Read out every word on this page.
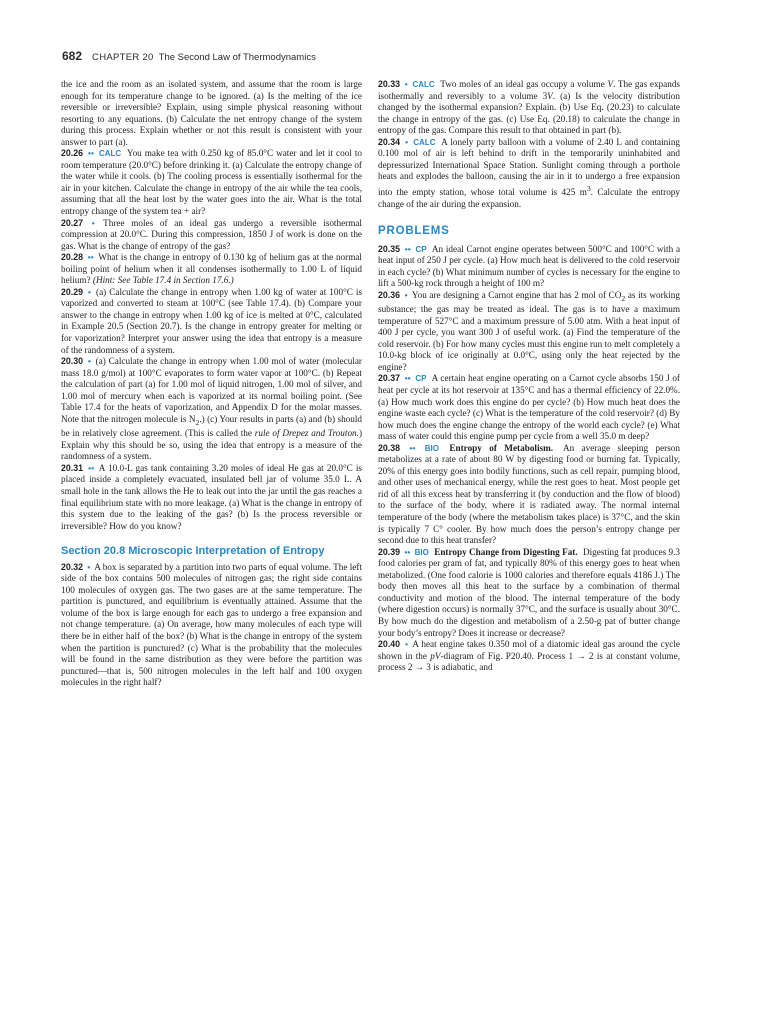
682 CHAPTER 20 The Second Law of Thermodynamics

the ice and the room as an isolated system, and assume that the room is large enough for its temperature change to be ignored. (a) Is the melting of the ice reversible or irreversible? Explain, using simple physical reasoning without resorting to any equations. (b) Calculate the net entropy change of the system during this process. Explain whether or not this result is consistent with your answer to part (a).

20.26 •• CALC You make tea with 0.250 kg of 85.0°C water and let it cool to room temperature (20.0°C) before drinking it. (a) Calculate the entropy change of the water while it cools. (b) The cooling process is essentially isothermal for the air in your kitchen. Calculate the change in entropy of the air while the tea cools, assuming that all the heat lost by the water goes into the air. What is the total entropy change of the system tea + air?

20.27 • Three moles of an ideal gas undergo a reversible isothermal compression at 20.0°C. During this compression, 1850 J of work is done on the gas. What is the change of entropy of the gas?

20.28 •• What is the change in entropy of 0.130 kg of helium gas at the normal boiling point of helium when it all condenses isothermally to 1.00 L of liquid helium? (Hint: See Table 17.4 in Section 17.6.)

20.29 • (a) Calculate the change in entropy when 1.00 kg of water at 100°C is vaporized and converted to steam at 100°C (see Table 17.4). (b) Compare your answer to the change in entropy when 1.00 kg of ice is melted at 0°C, calculated in Example 20.5 (Section 20.7). Is the change in entropy greater for melting or for vaporization? Interpret your answer using the idea that entropy is a measure of the randomness of a system.

20.30 • (a) Calculate the change in entropy when 1.00 mol of water (molecular mass 18.0 g/mol) at 100°C evaporates to form water vapor at 100°C. (b) Repeat the calculation of part (a) for 1.00 mol of liquid nitrogen, 1.00 mol of silver, and 1.00 mol of mercury when each is vaporized at its normal boiling point. (See Table 17.4 for the heats of vaporization, and Appendix D for the molar masses. Note that the nitrogen molecule is $N_2$.) (c) Your results in parts (a) and (b) should be in relatively close agreement. (This is called the rule of Drepez and Trouton.) Explain why this should be so, using the idea that entropy is a measure of the randomness of a system.

20.31 •• A 10.0-L gas tank containing 3.20 moles of ideal He gas at 20.0°C is placed inside a completely evacuated, insulated bell jar of volume 35.0 L. A small hole in the tank allows the He to leak out into the jar until the gas reaches a final equilibrium state with no more leakage. (a) What is the change in entropy of this system due to the leaking of the gas? (b) Is the process reversible or irreversible? How do you know?

Section 20.8 Microscopic Interpretation of Entropy

20.32 • A box is separated by a partition into two parts of equal volume. The left side of the box contains 500 molecules of nitrogen gas; the right side contains 100 molecules of oxygen gas. The two gases are at the same temperature. The partition is punctured, and equilibrium is eventually attained. Assume that the volume of the box is large enough for each gas to undergo a free expansion and not change temperature. (a) On average, how many molecules of each type will there be in either half of the box? (b) What is the change in entropy of the system when the partition is punctured? (c) What is the probability that the molecules will be found in the same distribution as they were before the partition was punctured—that is, 500 nitrogen molecules in the left half and 100 oxygen molecules in the right half?

20.33 • CALC Two moles of an ideal gas occupy a volume V. The gas expands isothermally and reversibly to a volume 3V. (a) Is the velocity distribution changed by the isothermal expansion? Explain. (b) Use Eq. (20.23) to calculate the change in entropy of the gas. (c) Use Eq. (20.18) to calculate the change in entropy of the gas. Compare this result to that obtained in part (b).

20.34 • CALC A lonely party balloon with a volume of 2.40 L and containing 0.100 mol of air is left behind to drift in the temporarily uninhabited and depressurized International Space Station. Sunlight coming through a porthole heats and explodes the balloon, causing the air in it to undergo a free expansion into the empty station, whose total volume is 425 $m^3$. Calculate the entropy change of the air during the expansion.

PROBLEMS

20.35 •• CP An ideal Carnot engine operates between 500°C and 100°C with a heat input of 250 J per cycle. (a) How much heat is delivered to the cold reservoir in each cycle? (b) What minimum number of cycles is necessary for the engine to lift a 500-kg rock through a height of 100 m?

20.36 • You are designing a Carnot engine that has 2 mol of $CO_2$ as its working substance; the gas may be treated as ideal. The gas is to have a maximum temperature of 527°C and a maximum pressure of 5.00 atm. With a heat input of 400 J per cycle, you want 300 J of useful work. (a) Find the temperature of the cold reservoir. (b) For how many cycles must this engine run to melt completely a 10.0-kg block of ice originally at 0.0°C, using only the heat rejected by the engine?

20.37 •• CP A certain heat engine operating on a Carnot cycle absorbs 150 J of heat per cycle at its hot reservoir at 135°C and has a thermal efficiency of 22.0%. (a) How much work does this engine do per cycle? (b) How much heat does the engine waste each cycle? (c) What is the temperature of the cold reservoir? (d) By how much does the engine change the entropy of the world each cycle? (e) What mass of water could this engine pump per cycle from a well 35.0 m deep?

20.38 •• BIO Entropy of Metabolism. An average sleeping person metabolizes at a rate of about 80 W by digesting food or burning fat. Typically, 20% of this energy goes into bodily functions, such as cell repair, pumping blood, and other uses of mechanical energy, while the rest goes to heat. Most people get rid of all this excess heat by transferring it (by conduction and the flow of blood) to the surface of the body, where it is radiated away. The normal internal temperature of the body (where the metabolism takes place) is 37°C, and the skin is typically 7 C° cooler. By how much does the person’s entropy change per second due to this heat transfer?

20.39 •• BIO Entropy Change from Digesting Fat. Digesting fat produces 9.3 food calories per gram of fat, and typically 80% of this energy goes to heat when metabolized. (One food calorie is 1000 calories and therefore equals 4186 J.) The body then moves all this heat to the surface by a combination of thermal conductivity and motion of the blood. The internal temperature of the body (where digestion occurs) is normally 37°C, and the surface is usually about 30°C. By how much do the digestion and metabolism of a 2.50-g pat of butter change your body’s entropy? Does it increase or decrease?

20.40 • A heat engine takes 0.350 mol of a diatomic ideal gas around the cycle shown in the pV-diagram of Fig. P20.40. Process 1 → 2 is at constant volume, process 2 → 3 is adiabatic, and
